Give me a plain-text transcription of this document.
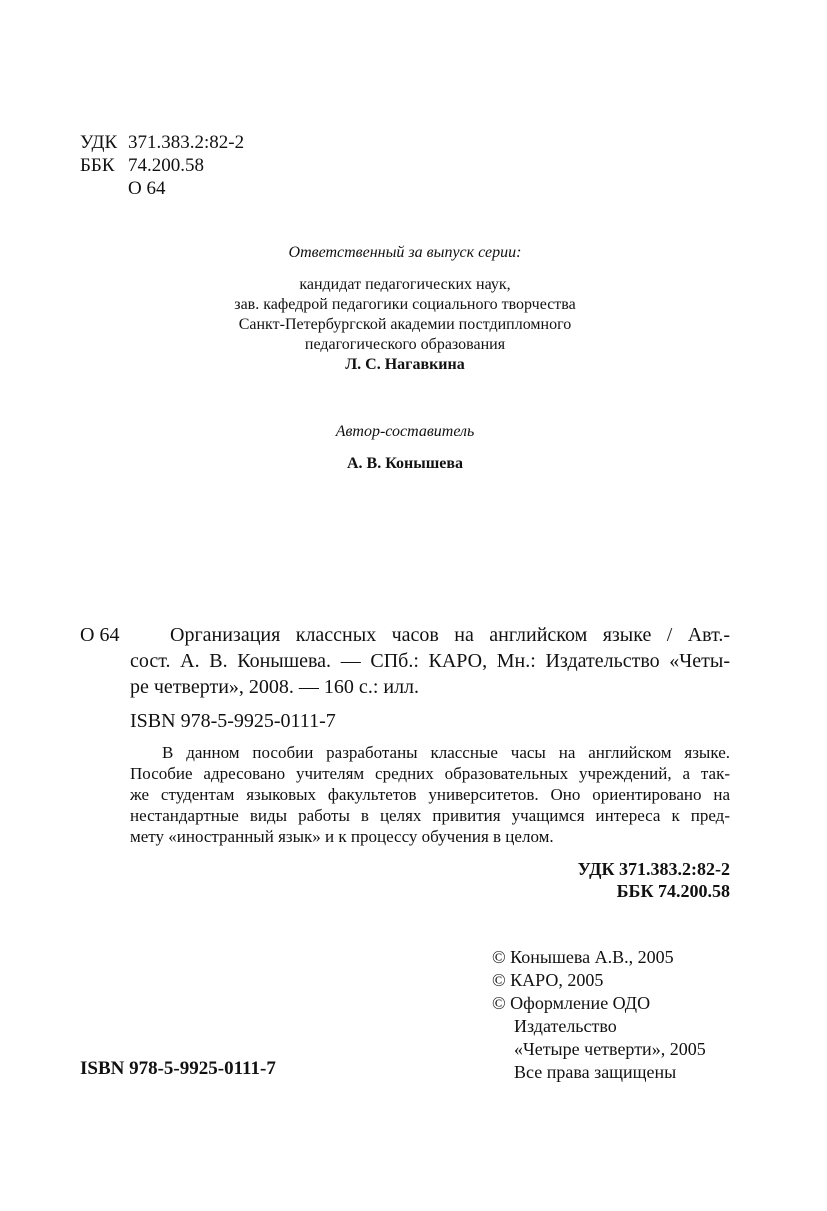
УДК 371.383.2:82-2
ББК 74.200.58
О 64
Ответственный за выпуск серии:
кандидат педагогических наук,
зав. кафедрой педагогики социального творчества
Санкт-Петербургской академии постдипломного
педагогического образования
Л. С. Нагавкина
Автор-составитель
А. В. Конышева
О 64	Организация классных часов на английском языке / Авт.-
сост. А. В. Конышева. — СПб.: КАРО, Мн.: Издательство «Четы-
ре четверти», 2008. — 160 с.: илл.
ISBN 978-5-9925-0111-7
В данном пособии разработаны классные часы на английском языке.
Пособие адресовано учителям средних образовательных учреждений, а так-
же студентам языковых факультетов университетов. Оно ориентировано на
нестандартные виды работы в целях привития учащимся интереса к пред-
мету «иностранный язык» и к процессу обучения в целом.
УДК 371.383.2:82-2
ББК 74.200.58
© Конышева А.В., 2005
© КАРО, 2005
© Оформление ОДО
Издательство
«Четыре четверти», 2005
Все права защищены
ISBN 978-5-9925-0111-7
